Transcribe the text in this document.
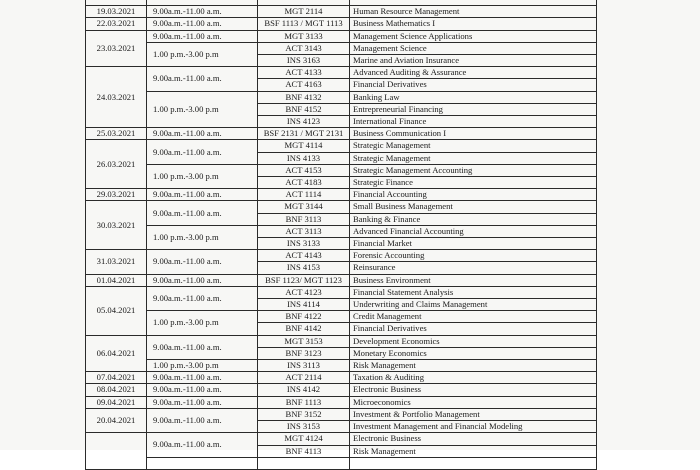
19.03.2021	9.00a.m.-11.00 a.m.	MGT 2114	Human Resource Management
22.03.2021	9.00a.m.-11.00 a.m.	BSF 1113 / MGT 1113	Business Mathematics I
23.03.2021	9.00a.m.-11.00 a.m.	MGT 3133	Management Science Applications
	1.00 p.m.-3.00 p.m	ACT 3143	Management Science
		INS 3163	Marine and Aviation Insurance
24.03.2021	9.00a.m.-11.00 a.m.	ACT 4133	Advanced Auditing & Assurance
		ACT 4163	Financial Derivatives
	1.00 p.m.-3.00 p.m	BNF 4132	Banking Law
		BNF 4152	Entrepreneurial Financing
		INS 4123	International Finance
25.03.2021	9.00a.m.-11.00 a.m.	BSF 2131 / MGT 2131	Business Communication I
26.03.2021	9.00a.m.-11.00 a.m.	MGT 4114	Strategic Management
		INS 4133	Strategic Management
	1.00 p.m.-3.00 p.m	ACT 4153	Strategic Management Accounting
		ACT 4183	Strategic Finance
29.03.2021	9.00a.m.-11.00 a.m.	ACT 1114	Financial Accounting
30.03.2021	9.00a.m.-11.00 a.m.	MGT 3144	Small Business Management
		BNF 3113	Banking & Finance
	1.00 p.m.-3.00 p.m	ACT 3113	Advanced Financial Accounting
		INS 3133	Financial Market
31.03.2021	9.00a.m.-11.00 a.m.	ACT 4143	Forensic Accounting
		INS 4153	Reinsurance
01.04.2021	9.00a.m.-11.00 a.m.	BSF 1123/ MGT 1123	Business Environment
05.04.2021	9.00a.m.-11.00 a.m.	ACT 4123	Financial Statement Analysis
		INS 4114	Underwriting and Claims Management
	1.00 p.m.-3.00 p.m	BNF 4122	Credit Management
		BNF 4142	Financial Derivatives
06.04.2021	9.00a.m.-11.00 a.m.	MGT 3153	Development Economics
		BNF 3123	Monetary Economics
	1.00 p.m.-3.00 p.m	INS 3113	Risk Management
07.04.2021	9.00a.m.-11.00 a.m.	ACT 2114	Taxation & Auditing
08.04.2021	9.00a.m.-11.00 a.m.	INS 4142	Electronic Business
09.04.2021	9.00a.m.-11.00 a.m.	BNF 1113	Microeconomics
20.04.2021	9.00a.m.-11.00 a.m.	BNF 3152	Investment & Portfolio Management
		INS 3153	Investment Management and Financial Modeling
	9.00a.m.-11.00 a.m.	MGT 4124	Electronic Business
		BNF 4113	Risk Management
